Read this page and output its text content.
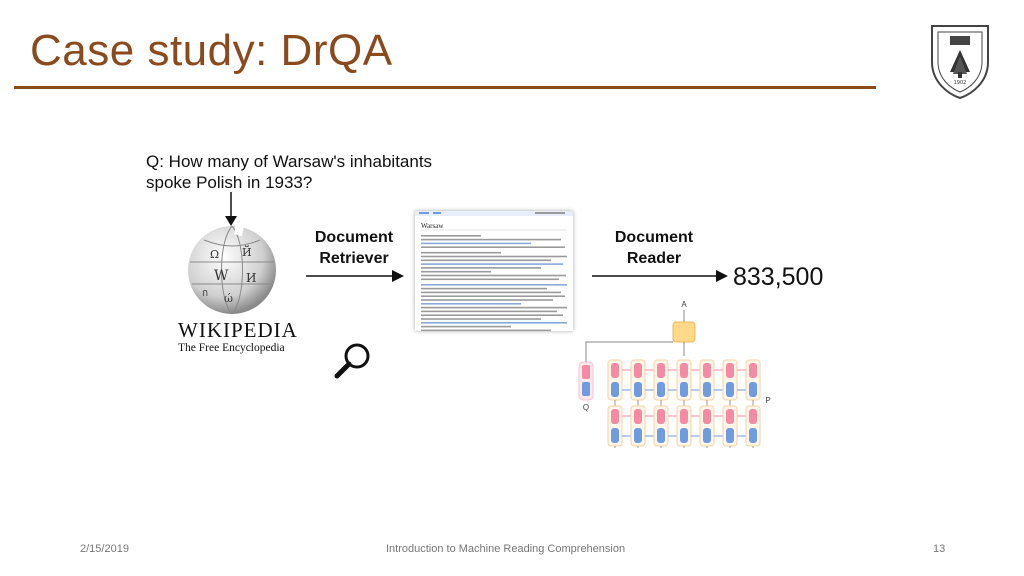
Case study: DrQA
1902
Q: How many of Warsaw's inhabitants spoke Polish in 1933?
Ω Й
W И
ώ
ก
WIKIPEDIA
The Free Encyclopedia
Document Retriever
Warsaw
Document Reader
833,500
A
Q
P
2/15/2019	Introduction to Machine Reading Comprehension	13
